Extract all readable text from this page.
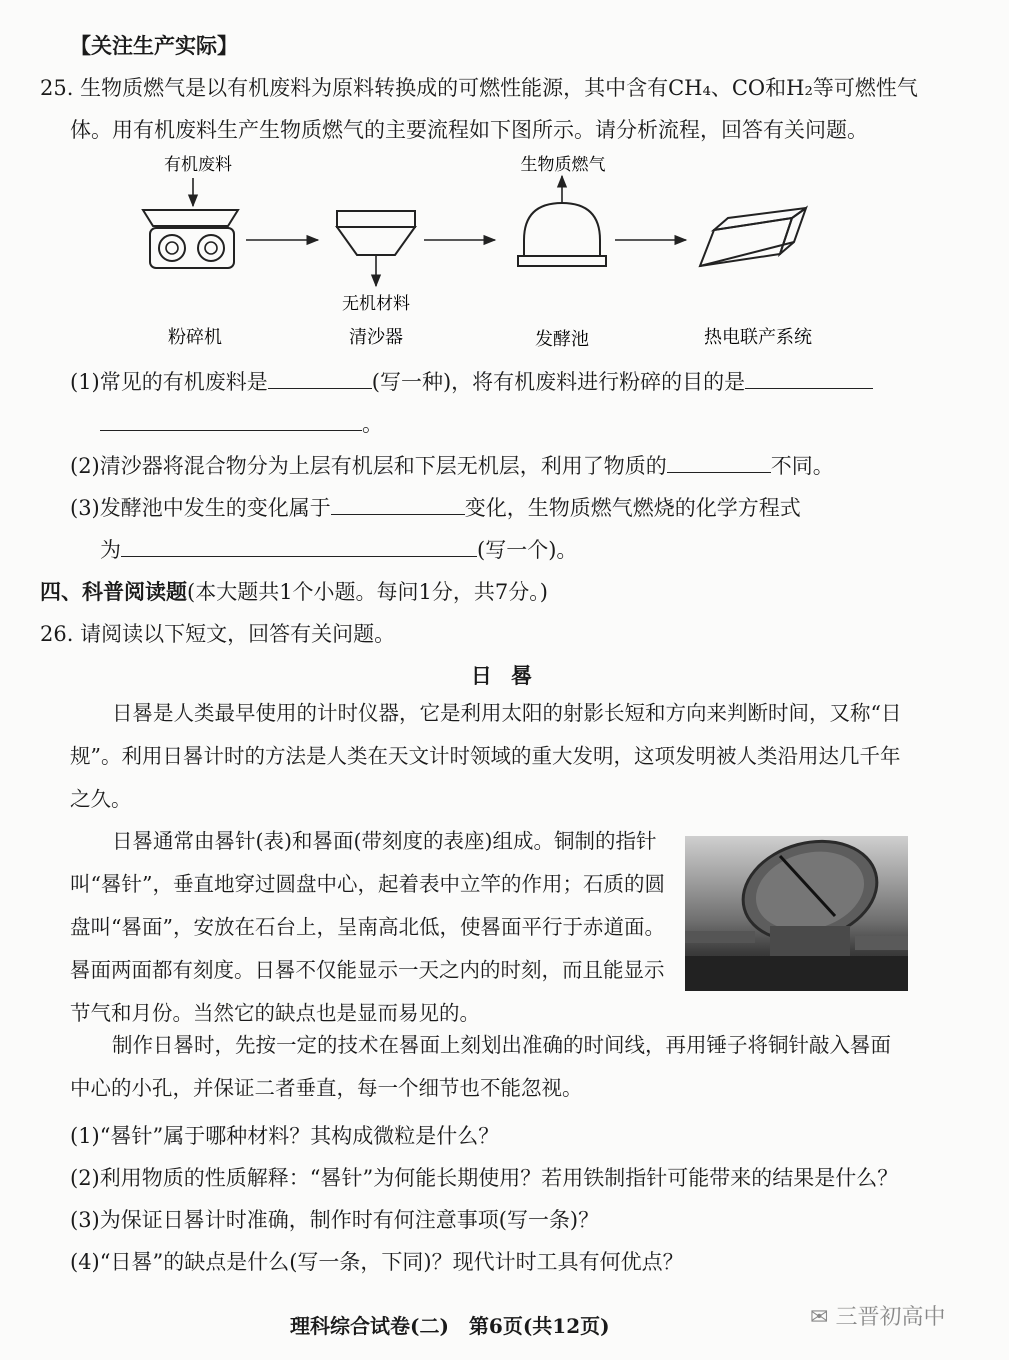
【关注生产实际】
25. 生物质燃气是以有机废料为原料转换成的可燃性能源，其中含有CH₄、CO和H₂等可燃性气
体。用有机废料生产生物质燃气的主要流程如下图所示。请分析流程，回答有关问题。
有机废料
无机材料
生物质燃气
粉碎机	清沙器	发酵池	热电联产系统
(1)常见的有机废料是	(写一种)，将有机废料进行粉碎的目的是
。
(2)清沙器将混合物分为上层有机层和下层无机层，利用了物质的	不同。
(3)发酵池中发生的变化属于	变化，生物质燃气燃烧的化学方程式
为	(写一个)。
四、科普阅读题(本大题共1个小题。每问1分，共7分。)
26. 请阅读以下短文，回答有关问题。
日 晷

日晷是人类最早使用的计时仪器，它是利用太阳的射影长短和方向来判断时间，又称“日规”。利用日晷计时的方法是人类在天文计时领域的重大发明，这项发明被人类沿用达几千年之久。

日晷通常由晷针(表)和晷面(带刻度的表座)组成。铜制的指针叫“晷针”，垂直地穿过圆盘中心，起着表中立竿的作用；石质的圆盘叫“晷面”，安放在石台上，呈南高北低，使晷面平行于赤道面。晷面两面都有刻度。日晷不仅能显示一天之内的时刻，而且能显示节气和月份。当然它的缺点也是显而易见的。

制作日晷时，先按一定的技术在晷面上刻划出准确的时间线，再用锤子将铜针敲入晷面中心的小孔，并保证二者垂直，每一个细节也不能忽视。

(1)“晷针”属于哪种材料？其构成微粒是什么？
(2)利用物质的性质解释：“晷针”为何能长期使用？若用铁制指针可能带来的结果是什么？
(3)为保证日晷计时准确，制作时有何注意事项(写一条)？
(4)“日晷”的缺点是什么(写一条，下同)？现代计时工具有何优点？
理科综合试卷(二)　第6页(共12页)	✉ 三晋初高中
